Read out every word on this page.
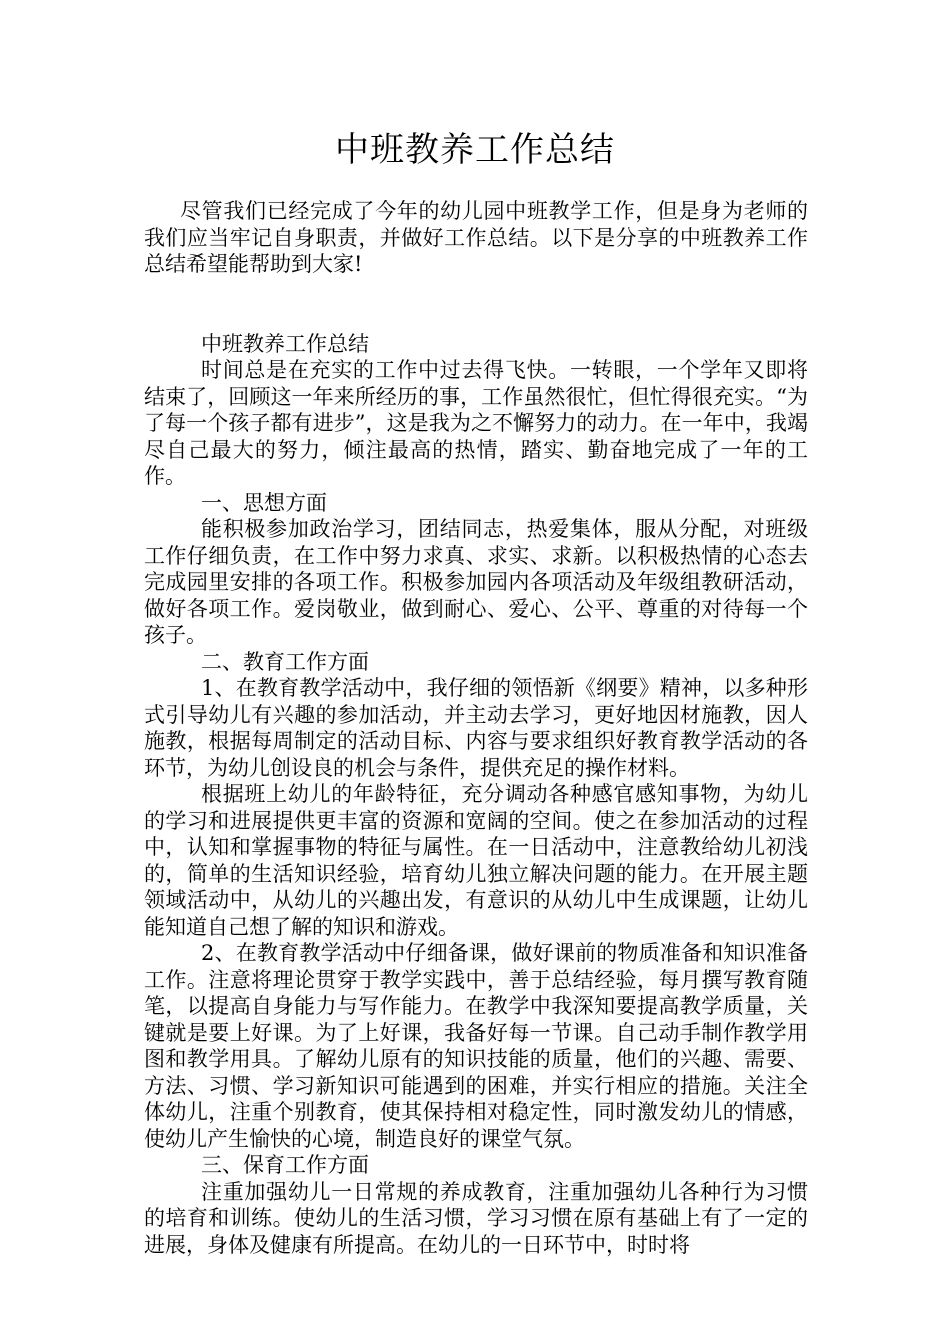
中班教养工作总结

尽管我们已经完成了今年的幼儿园中班教学工作，但是身为老师的我们应当牢记自身职责，并做好工作总结。以下是分享的中班教养工作总结希望能帮助到大家!

中班教养工作总结

时间总是在充实的工作中过去得飞快。一转眼，一个学年又即将结束了，回顾这一年来所经历的事，工作虽然很忙，但忙得很充实。“为了每一个孩子都有进步”，这是我为之不懈努力的动力。在一年中，我竭尽自己最大的努力，倾注最高的热情，踏实、勤奋地完成了一年的工作。

一、思想方面

能积极参加政治学习，团结同志，热爱集体，服从分配，对班级工作仔细负责，在工作中努力求真、求实、求新。以积极热情的心态去完成园里安排的各项工作。积极参加园内各项活动及年级组教研活动，做好各项工作。爱岗敬业，做到耐心、爱心、公平、尊重的对待每一个孩子。

二、教育工作方面

1、在教育教学活动中，我仔细的领悟新《纲要》精神，以多种形式引导幼儿有兴趣的参加活动，并主动去学习，更好地因材施教，因人施教，根据每周制定的活动目标、内容与要求组织好教育教学活动的各环节，为幼儿创设良的机会与条件，提供充足的操作材料。

根据班上幼儿的年龄特征，充分调动各种感官感知事物，为幼儿的学习和进展提供更丰富的资源和宽阔的空间。使之在参加活动的过程中，认知和掌握事物的特征与属性。在一日活动中，注意教给幼儿初浅的，简单的生活知识经验，培育幼儿独立解决问题的能力。在开展主题领域活动中，从幼儿的兴趣出发，有意识的从幼儿中生成课题，让幼儿能知道自己想了解的知识和游戏。

2、在教育教学活动中仔细备课，做好课前的物质准备和知识准备工作。注意将理论贯穿于教学实践中，善于总结经验，每月撰写教育随笔，以提高自身能力与写作能力。在教学中我深知要提高教学质量，关键就是要上好课。为了上好课，我备好每一节课。自己动手制作教学用图和教学用具。了解幼儿原有的知识技能的质量，他们的兴趣、需要、方法、习惯、学习新知识可能遇到的困难，并实行相应的措施。关注全体幼儿，注重个别教育，使其保持相对稳定性，同时激发幼儿的情感，使幼儿产生愉快的心境，制造良好的课堂气氛。

三、保育工作方面

注重加强幼儿一日常规的养成教育，注重加强幼儿各种行为习惯的培育和训练。使幼儿的生活习惯，学习习惯在原有基础上有了一定的进展，身体及健康有所提高。在幼儿的一日环节中，时时将
